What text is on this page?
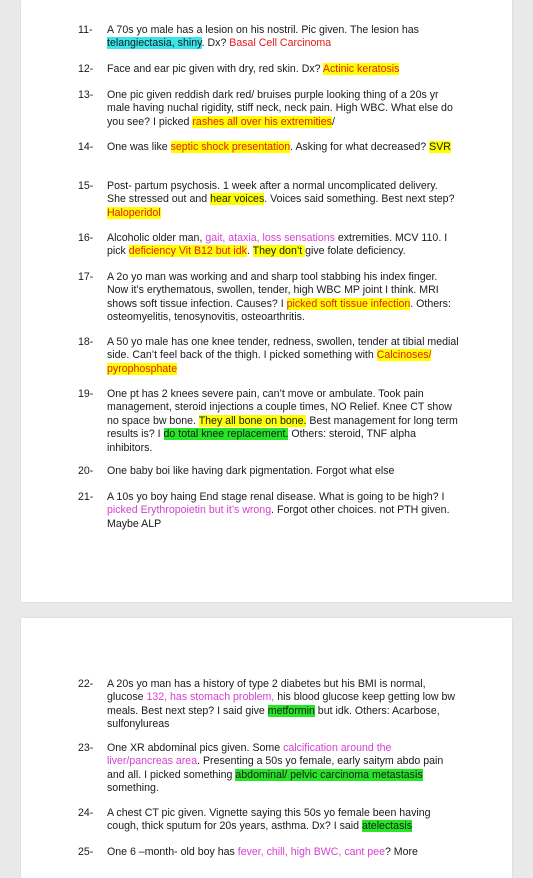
11-	A 70s yo male has a lesion on his nostril. Pic given. The lesion has telangiectasia, shiny. Dx? Basal Cell Carcinoma
12-	Face and ear pic given with dry, red skin. Dx? Actinic keratosis
13-	One pic given reddish dark red/ bruises purple looking thing of a 20s yr male having nuchal rigidity, stiff neck, neck pain. High WBC. What else do you see? I picked rashes all over his extremities/
14-	One was like septic shock presentation. Asking for what decreased? SVR
15-	Post- partum psychosis. 1 week after a normal uncomplicated delivery. She stressed out and hear voices. Voices said something. Best next step? Haloperidol
16-	Alcoholic older man, gait, ataxia, loss sensations extremities. MCV 110. I pick deficiency Vit B12 but idk. They don’t give folate deficiency.
17-	A 2o yo man was working and and sharp tool stabbing his index finger. Now it’s erythematous, swollen, tender, high WBC MP joint I think. MRI shows soft tissue infection. Causes? I picked soft tissue infection. Others: osteomyelitis, tenosynovitis, osteoarthritis.
18-	A 50 yo male has one knee tender, redness, swollen, tender at tibial medial side. Can’t feel back of the thigh. I picked something with Calcinoses/ pyrophosphate
19-	One pt has 2 knees severe pain, can’t move or ambulate. Took pain management, steroid injections a couple times, NO Relief. Knee CT show no space bw bone. They all bone on bone. Best management for long term results is? I do total knee replacement. Others: steroid, TNF alpha inhibitors.
20-	One baby boi like having dark pigmentation. Forgot what else
21-	A 10s yo boy haing End stage renal disease. What is going to be high? I picked Erythropoietin but it’s wrong. Forgot other choices. not PTH given. Maybe ALP
22-	A 20s yo man has a history of type 2 diabetes but his BMI is normal, glucose 132, has stomach problem, his blood glucose keep getting low bw meals. Best next step? I said give metformin but idk. Others: Acarbose, sulfonylureas
23-	One XR abdominal pics given. Some calcification around the liver/pancreas area. Presenting a 50s yo female, early saitym abdo pain and all. I picked something abdominal/ pelvic carcinoma metastasis something.
24-	A chest CT pic given. Vignette saying this 50s yo female been having cough, thick sputum for 20s years, asthma. Dx? I said atelectasis
25-	One 6 –month- old boy has fever, chill, high BWC, cant pee? More
